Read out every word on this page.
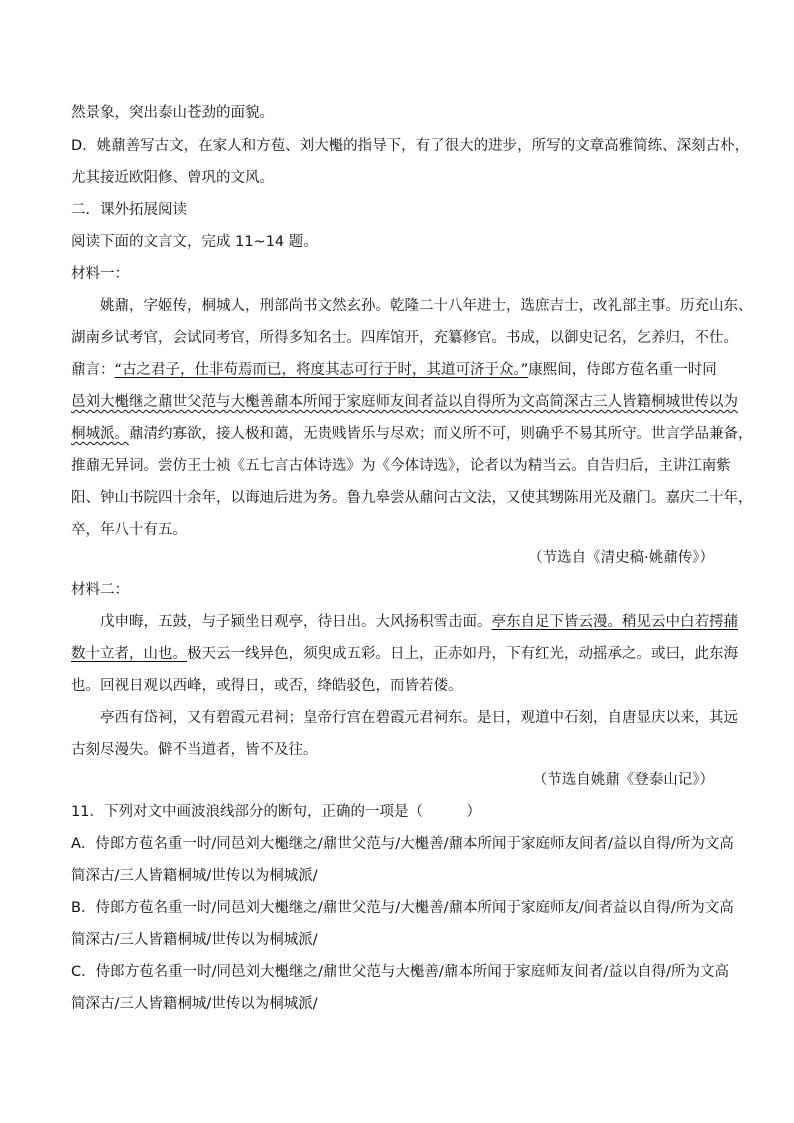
然景象，突出泰山苍劲的面貌。
D．姚鼐善写古文，在家人和方苞、刘大櫆的指导下，有了很大的进步，所写的文章高雅简练、深刻古朴，
尤其接近欧阳修、曾巩的文风。
二．课外拓展阅读
阅读下面的文言文，完成 11~14 题。
材料一：
姚鼐，字姬传，桐城人，刑部尚书文然玄孙。乾隆二十八年进士，选庶吉士，改礼部主事。历充山东、
湖南乡试考官，会试同考官，所得多知名士。四库馆开，充纂修官。书成，以御史记名，乞养归，不仕。
鼐言：“古之君子，仕非苟焉而已，将度其志可行于时，其道可济于众。”康熙间，侍郎方苞名重一时同
邑刘大櫆继之鼐世父范与大櫆善鼐本所闻于家庭师友间者益以自得所为文高简深古三人皆籍桐城世传以为
桐城派。鼐清约寡欲，接人极和蔼，无贵贱皆乐与尽欢；而义所不可，则确乎不易其所守。世言学品兼备，
推鼐无异词。尝仿王士祯《五七言古体诗选》为《今体诗选》，论者以为精当云。自告归后，主讲江南紫
阳、钟山书院四十余年，以诲迪后进为务。鲁九皋尝从鼐问古文法，又使其甥陈用光及鼐门。嘉庆二十年，
卒，年八十有五。
（节选自《清史稿·姚鼐传》）
材料二：
戊申晦，五鼓，与子颍坐日观亭，待日出。大风扬积雪击面。亭东自足下皆云漫。稍见云中白若摴蒱
数十立者，山也。极天云一线异色，须臾成五彩。日上，正赤如丹，下有红光，动摇承之。或曰，此东海
也。回视日观以西峰，或得日，或否，绛皓驳色，而皆若偻。
亭西有岱祠，又有碧霞元君祠；皇帝行宫在碧霞元君祠东。是日，观道中石刻，自唐显庆以来，其远
古刻尽漫失。僻不当道者，皆不及往。
（节选自姚鼐《登泰山记》）
11．下列对文中画波浪线部分的断句，正确的一项是（　　　）
A．侍郎方苞名重一时/同邑刘大櫆继之/鼐世父范与/大櫆善/鼐本所闻于家庭师友间者/益以自得/所为文高
简深古/三人皆籍桐城/世传以为桐城派/
B．侍郎方苞名重一时/同邑刘大櫆继之/鼐世父范与/大櫆善/鼐本所闻于家庭师友/间者益以自得/所为文高
简深古/三人皆籍桐城/世传以为桐城派/
C．侍郎方苞名重一时/同邑刘大櫆继之/鼐世父范与大櫆善/鼐本所闻于家庭师友间者/益以自得/所为文高
简深古/三人皆籍桐城/世传以为桐城派/
